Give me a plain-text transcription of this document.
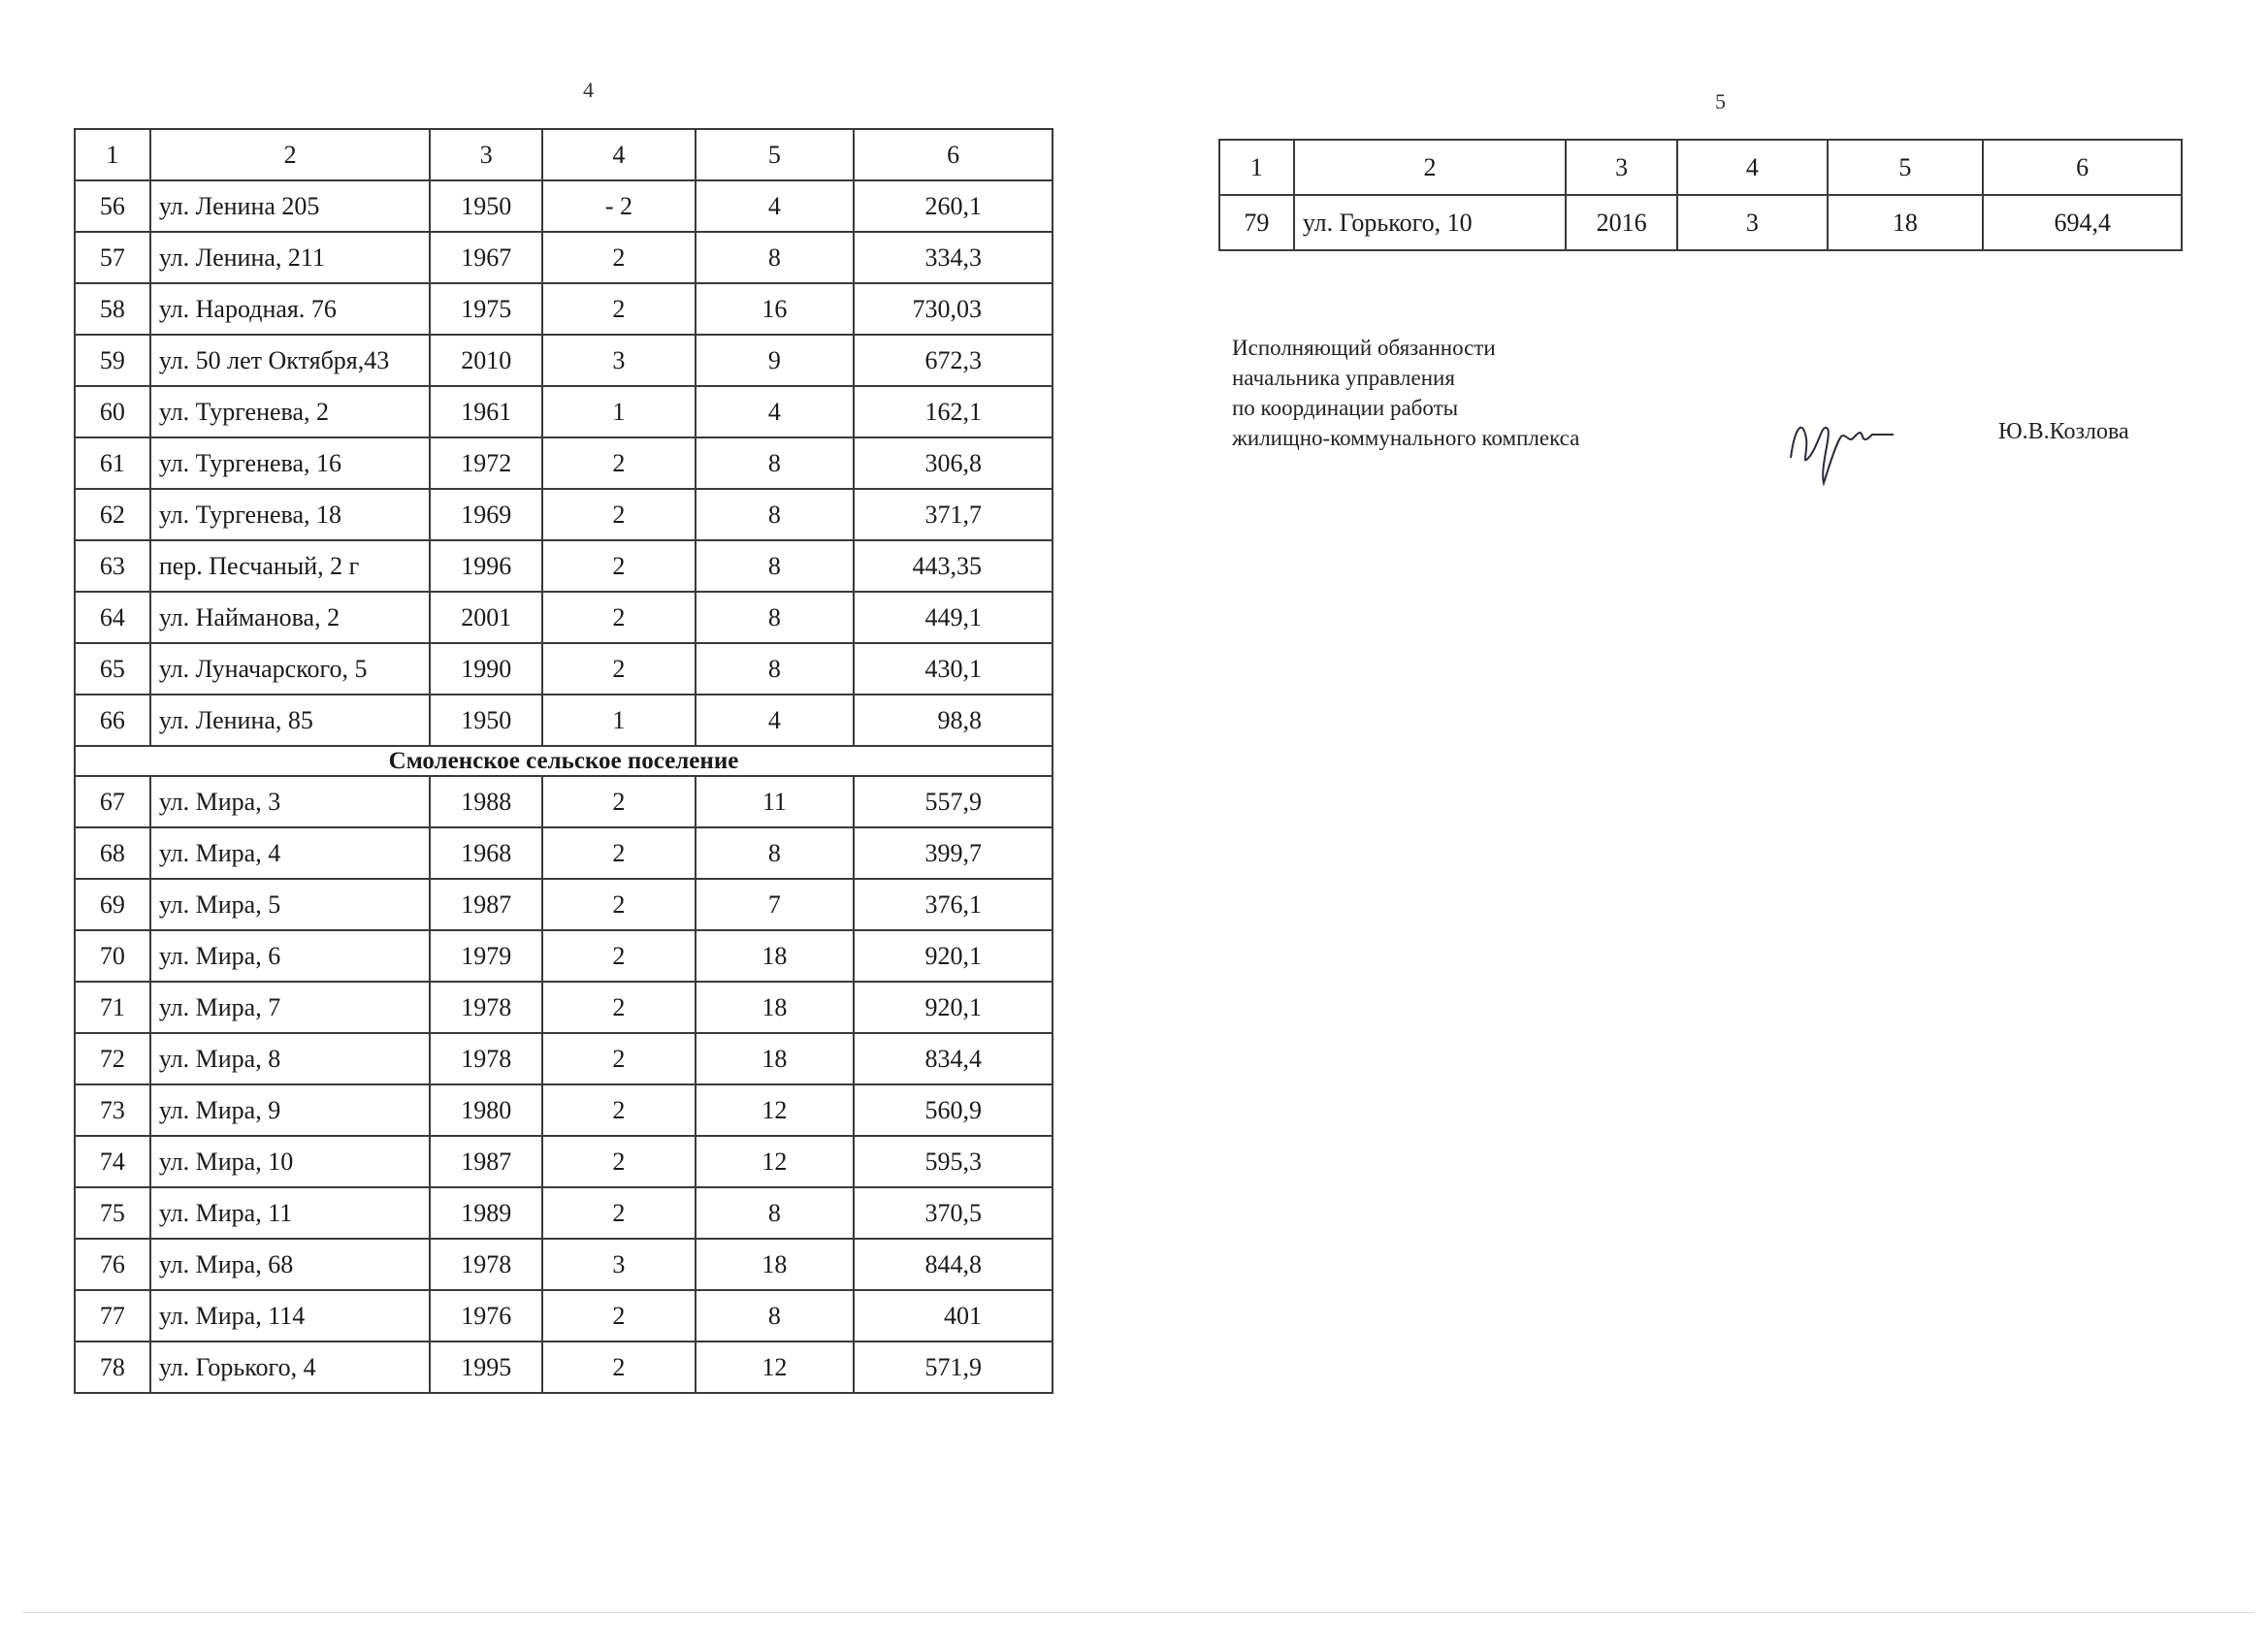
4	5
1	2	3	4	5	6
56	ул. Ленина 205	1950	- 2	4	260,1
57	ул. Ленина, 211	1967	2	8	334,3
58	ул. Народная. 76	1975	2	16	730,03
59	ул. 50 лет Октября,43	2010	3	9	672,3
60	ул. Тургенева, 2	1961	1	4	162,1
61	ул. Тургенева, 16	1972	2	8	306,8
62	ул. Тургенева, 18	1969	2	8	371,7
63	пер. Песчаный, 2 г	1996	2	8	443,35
64	ул. Найманова, 2	2001	2	8	449,1
65	ул. Луначарского, 5	1990	2	8	430,1
66	ул. Ленина, 85	1950	1	4	98,8
Смоленское сельское поселение					
67	ул. Мира, 3	1988	2	11	557,9
68	ул. Мира, 4	1968	2	8	399,7
69	ул. Мира, 5	1987	2	7	376,1
70	ул. Мира, 6	1979	2	18	920,1
71	ул. Мира, 7	1978	2	18	920,1
72	ул. Мира, 8	1978	2	18	834,4
73	ул. Мира, 9	1980	2	12	560,9
74	ул. Мира, 10	1987	2	12	595,3
75	ул. Мира, 11	1989	2	8	370,5
76	ул. Мира, 68	1978	3	18	844,8
77	ул. Мира, 114	1976	2	8	401
78	ул. Горького, 4	1995	2	12	571,9
1	2	3	4	5	6
79	ул. Горького, 10	2016	3	18	694,4
Исполняющий обязанности
начальника управления
по координации работы
жилищно-коммунального комплекса	Ю.В.Козлова
